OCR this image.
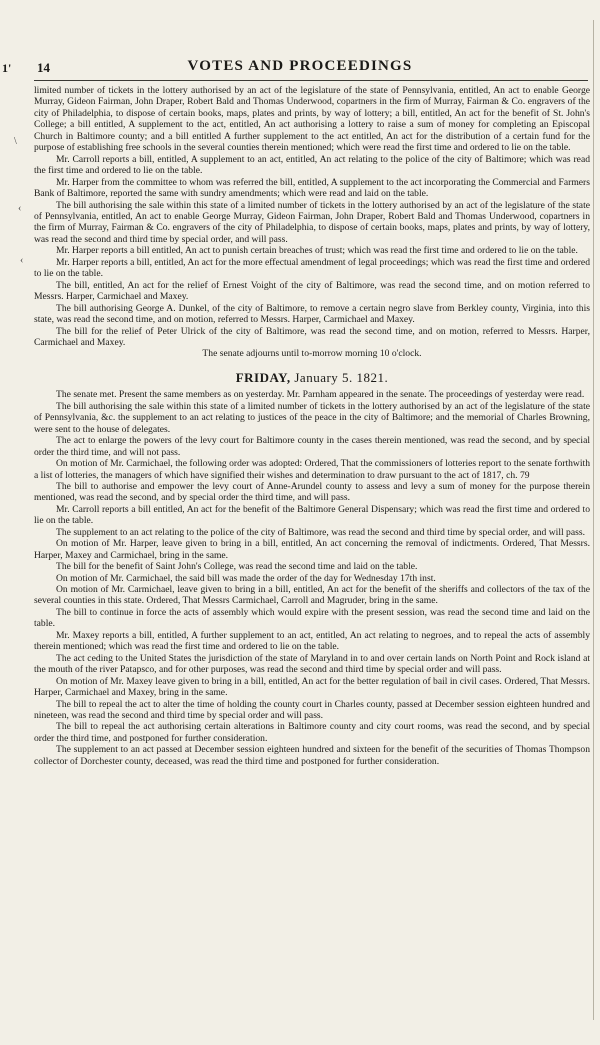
1' 14	VOTES AND PROCEEDINGS
\
‹
‹

limited number of tickets in the lottery authorised by an act of the legislature of the state of Pennsylvania, entitled, An act to enable George Murray, Gideon Fairman, John Draper, Robert Bald and Thomas Underwood, copartners in the firm of Murray, Fairman & Co. engravers of the city of Philadelphia, to dispose of certain books, maps, plates and prints, by way of lottery; a bill, entitled, An act for the benefit of St. John's College; a bill entitled, A supplement to the act, entitled, An act authorising a lottery to raise a sum of money for completing an Episcopal Church in Baltimore county; and a bill entitled A further supplement to the act entitled, An act for the distribution of a certain fund for the purpose of establishing free schools in the several counties therein mentioned; which were read the first time and ordered to lie on the table.

Mr. Carroll reports a bill, entitled, A supplement to an act, entitled, An act relating to the police of the city of Baltimore; which was read the first time and ordered to lie on the table.

Mr. Harper from the committee to whom was referred the bill, entitled, A supplement to the act incorporating the Commercial and Farmers Bank of Baltimore, reported the same with sundry amendments; which were read and laid on the table.

The bill authorising the sale within this state of a limited number of tickets in the lottery authorised by an act of the legislature of the state of Pennsylvania, entitled, An act to enable George Murray, Gideon Fairman, John Draper, Robert Bald and Thomas Underwood, copartners in the firm of Murray, Fairman & Co. engravers of the city of Philadelphia, to dispose of certain books, maps, plates and prints, by way of lottery, was read the second and third time by special order, and will pass.

Mr. Harper reports a bill entitled, An act to punish certain breaches of trust; which was read the first time and ordered to lie on the table.

Mr. Harper reports a bill, entitled, An act for the more effectual amendment of legal proceedings; which was read the first time and ordered to lie on the table.

The bill, entitled, An act for the relief of Ernest Voight of the city of Baltimore, was read the second time, and on motion referred to Messrs. Harper, Carmichael and Maxey.

The bill authorising George A. Dunkel, of the city of Baltimore, to remove a certain negro slave from Berkley county, Virginia, into this state, was read the second time, and on motion, referred to Messrs. Harper, Carmichael and Maxey.

The bill for the relief of Peter Ulrick of the city of Baltimore, was read the second time, and on motion, referred to Messrs. Harper, Carmichael and Maxey.

The senate adjourns until to-morrow morning 10 o'clock.

FRIDAY, January 5. 1821.

The senate met. Present the same members as on yesterday. Mr. Parnham appeared in the senate. The proceedings of yesterday were read.

The bill authorising the sale within this state of a limited number of tickets in the lottery authorised by an act of the legislature of the state of Pennsylvania, &c. the supplement to an act relating to justices of the peace in the city of Baltimore; and the memorial of Charles Browning, were sent to the house of delegates.

The act to enlarge the powers of the levy court for Baltimore county in the cases therein mentioned, was read the second, and by special order the third time, and will not pass.

On motion of Mr. Carmichael, the following order was adopted: Ordered, That the commissioners of lotteries report to the senate forthwith a list of lotteries, the managers of which have signified their wishes and determination to draw pursuant to the act of 1817, ch. 79

The bill to authorise and empower the levy court of Anne-Arundel county to assess and levy a sum of money for the purpose therein mentioned, was read the second, and by special order the third time, and will pass.

Mr. Carroll reports a bill entitled, An act for the benefit of the Baltimore General Dispensary; which was read the first time and ordered to lie on the table.

The supplement to an act relating to the police of the city of Baltimore, was read the second and third time by special order, and will pass.

On motion of Mr. Harper, leave given to bring in a bill, entitled, An act concerning the removal of indictments. Ordered, That Messrs. Harper, Maxey and Carmichael, bring in the same.

The bill for the benefit of Saint John's College, was read the second time and laid on the table.

On motion of Mr. Carmichael, the said bill was made the order of the day for Wednesday 17th inst.

On motion of Mr. Carmichael, leave given to bring in a bill, entitled, An act for the benefit of the sheriffs and collectors of the tax of the several counties in this state. Ordered, That Messrs Carmichael, Carroll and Magruder, bring in the same.

The bill to continue in force the acts of assembly which would expire with the present session, was read the second time and laid on the table.

Mr. Maxey reports a bill, entitled, A further supplement to an act, entitled, An act relating to negroes, and to repeal the acts of assembly therein mentioned; which was read the first time and ordered to lie on the table.

The act ceding to the United States the jurisdiction of the state of Maryland in to and over certain lands on North Point and Rock island at the mouth of the river Patapsco, and for other purposes, was read the second and third time by special order and will pass.

On motion of Mr. Maxey leave given to bring in a bill, entitled, An act for the better regulation of bail in civil cases. Ordered, That Messrs. Harper, Carmichael and Maxey, bring in the same.

The bill to repeal the act to alter the time of holding the county court in Charles county, passed at December session eighteen hundred and nineteen, was read the second and third time by special order and will pass.

The bill to repeal the act authorising certain alterations in Baltimore county and city court rooms, was read the second, and by special order the third time, and postponed for further consideration.

The supplement to an act passed at December session eighteen hundred and sixteen for the benefit of the securities of Thomas Thompson collector of Dorchester county, deceased, was read the third time and postponed for further consideration.
